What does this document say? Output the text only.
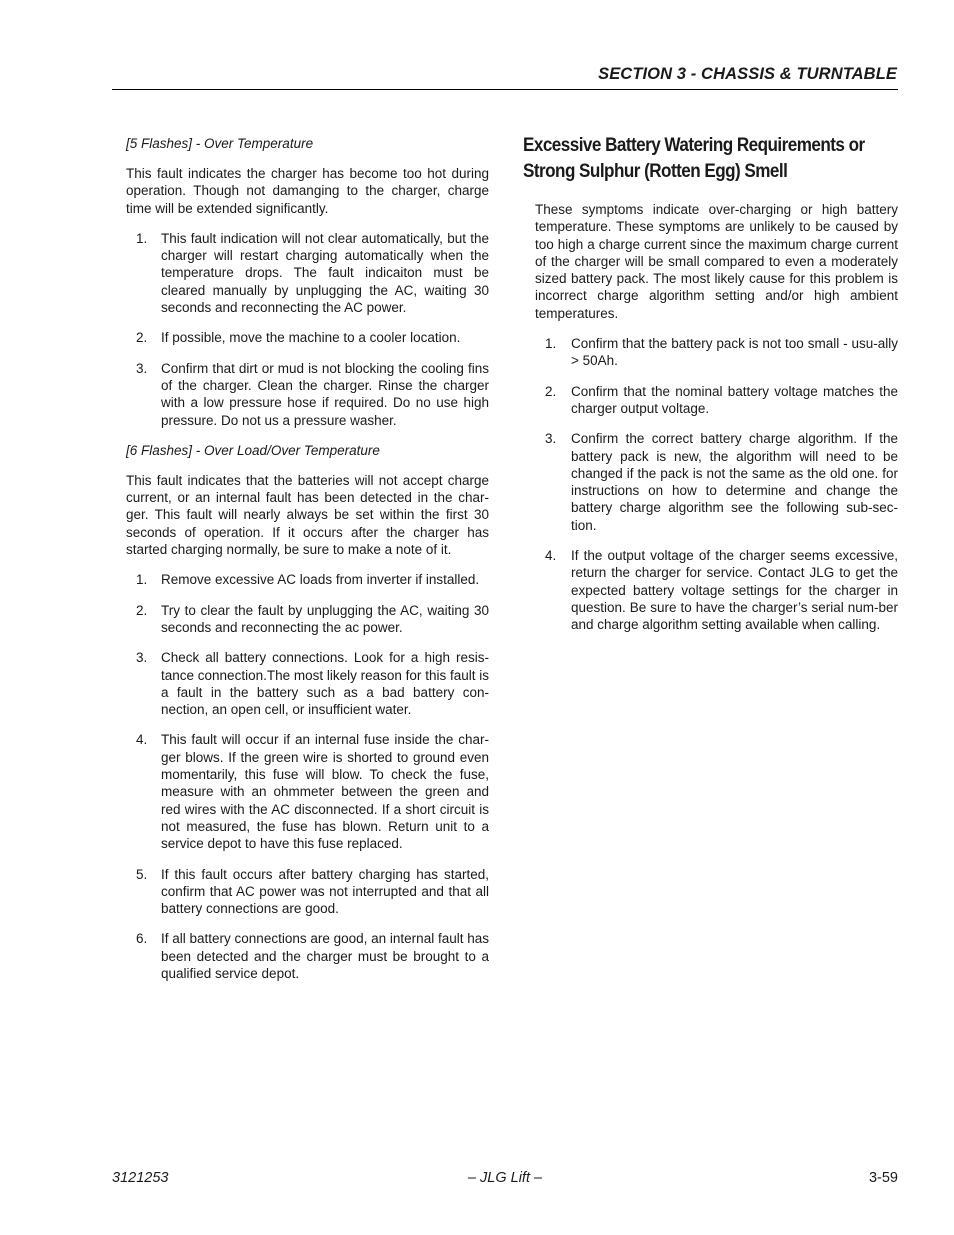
SECTION 3 - CHASSIS & TURNTABLE
[5 Flashes] - Over Temperature

This fault indicates the charger has become too hot during operation. Though not damanging to the charger, charge time will be extended significantly.

1.	This fault indication will not clear automatically, but the charger will restart charging automatically when the temperature drops. The fault indicaiton must be cleared manually by unplugging the AC, waiting 30 seconds and reconnecting the AC power.
2.	If possible, move the machine to a cooler location.
3.	Confirm that dirt or mud is not blocking the cooling fins of the charger. Clean the charger. Rinse the charger with a low pressure hose if required. Do no use high pressure. Do not us a pressure washer.
[6 Flashes] - Over Load/Over Temperature

This fault indicates that the batteries will not accept charge current, or an internal fault has been detected in the char-ger. This fault will nearly always be set within the first 30 seconds of operation. If it occurs after the charger has started charging normally, be sure to make a note of it.

1.	Remove excessive AC loads from inverter if installed.
2.	Try to clear the fault by unplugging the AC, waiting 30 seconds and reconnecting the ac power.
3.	Check all battery connections. Look for a high resis-tance connection.The most likely reason for this fault is a fault in the battery such as a bad battery con-nection, an open cell, or insufficient water.
4.	This fault will occur if an internal fuse inside the char-ger blows. If the green wire is shorted to ground even momentarily, this fuse will blow. To check the fuse, measure with an ohmmeter between the green and red wires with the AC disconnected. If a short circuit is not measured, the fuse has blown. Return unit to a service depot to have this fuse replaced.
5.	If this fault occurs after battery charging has started, confirm that AC power was not interrupted and that all battery connections are good.
6.	If all battery connections are good, an internal fault has been detected and the charger must be brought to a qualified service depot.
Excessive Battery Watering Requirements or Strong Sulphur (Rotten Egg) Smell

These symptoms indicate over-charging or high battery temperature. These symptoms are unlikely to be caused by too high a charge current since the maximum charge current of the charger will be small compared to even a moderately sized battery pack. The most likely cause for this problem is incorrect charge algorithm setting and/or high ambient temperatures.

1.	Confirm that the battery pack is not too small - usu-ally > 50Ah.
2.	Confirm that the nominal battery voltage matches the charger output voltage.
3.	Confirm the correct battery charge algorithm. If the battery pack is new, the algorithm will need to be changed if the pack is not the same as the old one. for instructions on how to determine and change the battery charge algorithm see the following sub-sec-tion.
4.	If the output voltage of the charger seems excessive, return the charger for service. Contact JLG to get the expected battery voltage settings for the charger in question. Be sure to have the charger’s serial num-ber and charge algorithm setting available when calling.
3121253	– JLG Lift –	3-59
